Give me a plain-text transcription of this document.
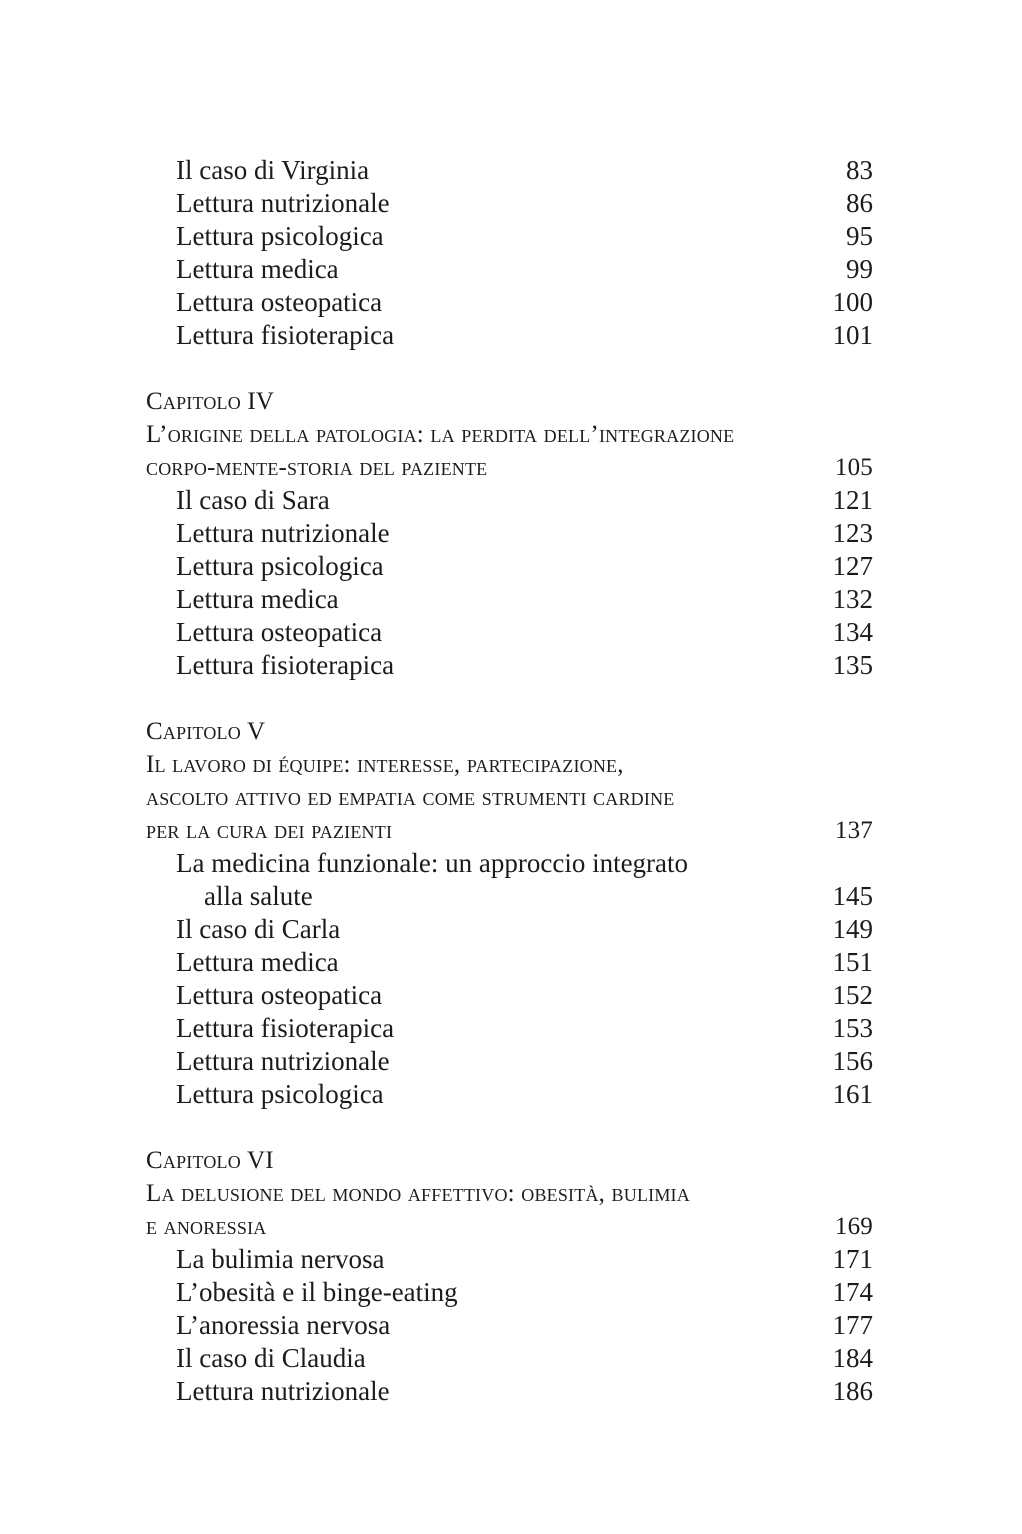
Il caso di Virginia	83
Lettura nutrizionale	86
Lettura psicologica	95
Lettura medica	99
Lettura osteopatica	100
Lettura fisioterapica	101
Capitolo IV
L’origine della patologia: la perdita dell’integrazione
corpo-mente-storia del paziente	105
Il caso di Sara	121
Lettura nutrizionale	123
Lettura psicologica	127
Lettura medica	132
Lettura osteopatica	134
Lettura fisioterapica	135
Capitolo V
Il lavoro di équipe: interesse, partecipazione,
ascolto attivo ed empatia come strumenti cardine
per la cura dei pazienti	137
La medicina funzionale: un approccio integrato
alla salute	145
Il caso di Carla	149
Lettura medica	151
Lettura osteopatica	152
Lettura fisioterapica	153
Lettura nutrizionale	156
Lettura psicologica	161
Capitolo VI
La delusione del mondo affettivo: obesità, bulimia
e anoressia	169
La bulimia nervosa	171
L’obesità e il binge-eating	174
L’anoressia nervosa	177
Il caso di Claudia	184
Lettura nutrizionale	186
